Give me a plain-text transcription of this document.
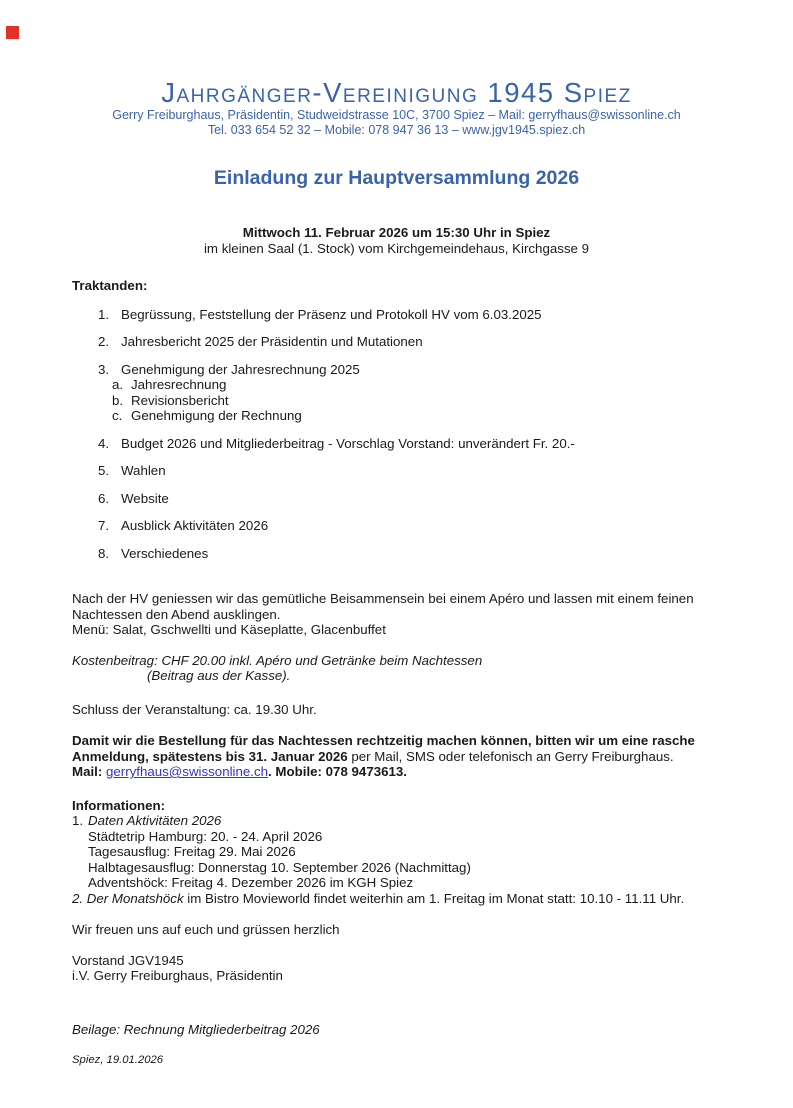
Jahrgänger-Vereinigung 1945 Spiez
Gerry Freiburghaus, Präsidentin, Studweidstrasse 10C, 3700 Spiez – Mail: gerryfhaus@swissonline.ch
Tel. 033 654 52 32 – Mobile: 078 947 36 13 – www.jgv1945.spiez.ch
Einladung zur Hauptversammlung 2026
Mittwoch 11. Februar 2026 um 15:30 Uhr in Spiez
im kleinen Saal (1. Stock) vom Kirchgemeindehaus, Kirchgasse 9
Traktanden:
1. Begrüssung, Feststellung der Präsenz und Protokoll HV vom 6.03.2025
2. Jahresbericht 2025 der Präsidentin und Mutationen
3. Genehmigung der Jahresrechnung 2025
a. Jahresrechnung
b. Revisionsbericht
c. Genehmigung der Rechnung
4. Budget 2026 und Mitgliederbeitrag - Vorschlag Vorstand: unverändert Fr. 20.-
5. Wahlen
6. Website
7. Ausblick Aktivitäten 2026
8. Verschiedenes
Nach der HV geniessen wir das gemütliche Beisammensein bei einem Apéro und lassen mit einem feinen Nachtessen den Abend ausklingen.
Menü: Salat, Gschwellti und Käseplatte, Glacenbuffet
Kostenbeitrag: CHF 20.00 inkl. Apéro und Getränke beim Nachtessen
(Beitrag aus der Kasse).
Schluss der Veranstaltung: ca. 19.30 Uhr.

Damit wir die Bestellung für das Nachtessen rechtzeitig machen können, bitten wir um eine rasche Anmeldung, spätestens bis 31. Januar 2026 per Mail, SMS oder telefonisch an Gerry Freiburghaus. Mail: gerryfhaus@swissonline.ch. Mobile: 078 9473613.

Informationen:
1. Daten Aktivitäten 2026
Städtetrip Hamburg: 20. - 24. April 2026
Tagesausflug: Freitag 29. Mai 2026
Halbtagesausflug: Donnerstag 10. September 2026 (Nachmittag)
Adventshöck: Freitag 4. Dezember 2026 im KGH Spiez
2. Der Monatshöck im Bistro Movieworld findet weiterhin am 1. Freitag im Monat statt: 10.10 - 11.11 Uhr.
Wir freuen uns auf euch und grüssen herzlich
Vorstand JGV1945
i.V. Gerry Freiburghaus, Präsidentin
Beilage: Rechnung Mitgliederbeitrag 2026
Spiez, 19.01.2026
